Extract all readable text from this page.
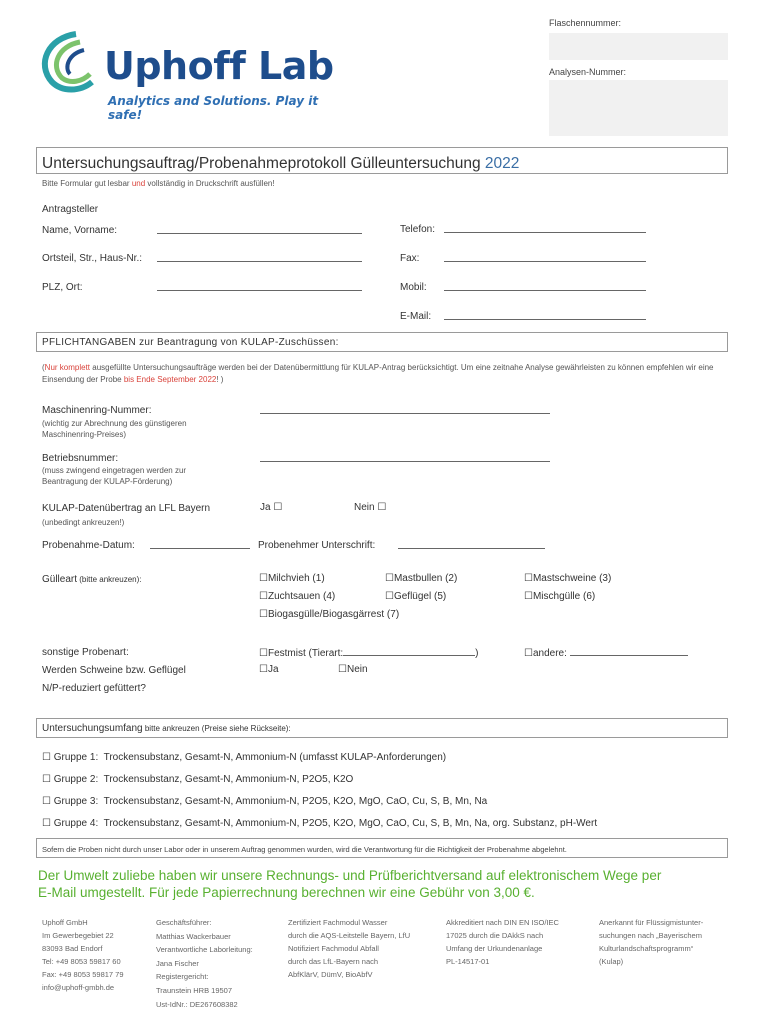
Uphoff Lab
Analytics and Solutions. Play it safe!
Flaschennummer:
Analysen-Nummer:
Untersuchungsauftrag/Probenahmeprotokoll Gülleuntersuchung 2022
Bitte Formular gut lesbar und vollständig in Druckschrift ausfüllen!
Antragsteller
Name, Vorname:
Ortsteil, Str., Haus-Nr.:
PLZ, Ort:
Telefon:
Fax:
Mobil:
E-Mail:
PFLICHTANGABEN zur Beantragung von KULAP-Zuschüssen:
(Nur komplett ausgefüllte Untersuchungsaufträge werden bei der Datenübermittlung für KULAP-Antrag berücksichtigt. Um eine zeitnahe Analyse gewährleisten zu können empfehlen wir eine Einsendung der Probe bis Ende September 2022! )
Maschinenring-Nummer:
(wichtig zur Abrechnung des günstigeren
Maschinenring-Preises)
Betriebsnummer:
(muss zwingend eingetragen werden zur
Beantragung der KULAP-Förderung)
KULAP-Datenübertrag an LFL Bayern
(unbedingt ankreuzen!)
Ja ☐	Nein ☐
Probenahme-Datum:	Probenehmer Unterschrift:
Gülleart (bitte ankreuzen):	☐Milchvieh (1)	☐Mastbullen (2)	☐Mastschweine (3)
☐Zuchtsauen (4)	☐Geflügel (5)	☐Mischgülle (6)
☐Biogasgülle/Biogasgärrest (7)
sonstige Probenart:	☐Festmist (Tierart:	)	☐andere:
Werden Schweine bzw. Geflügel
N/P-reduziert gefüttert?
☐Ja	☐Nein
Untersuchungsumfang bitte ankreuzen (Preise siehe Rückseite):
☐ Gruppe 1:  Trockensubstanz, Gesamt-N, Ammonium-N (umfasst KULAP-Anforderungen)
☐ Gruppe 2:  Trockensubstanz, Gesamt-N, Ammonium-N, P2O5, K2O
☐ Gruppe 3:  Trockensubstanz, Gesamt-N, Ammonium-N, P2O5, K2O, MgO, CaO, Cu, S, B, Mn, Na
☐ Gruppe 4:  Trockensubstanz, Gesamt-N, Ammonium-N, P2O5, K2O, MgO, CaO, Cu, S, B, Mn, Na, org. Substanz, pH-Wert
Sofern die Proben nicht durch unser Labor oder in unserem Auftrag genommen wurden, wird die Verantwortung für die Richtigkeit der Probenahme abgelehnt.
Der Umwelt zuliebe haben wir unsere Rechnungs- und Prüfberichtversand auf elektronischem Wege per
E-Mail umgestellt. Für jede Papierrechnung berechnen wir eine Gebühr von 3,00 €.
Uphoff GmbH
Im Gewerbegebiet 22
83093 Bad Endorf
Tel: +49 8053 59817 60
Fax: +49 8053 59817 79
info@uphoff-gmbh.de
Geschäftsführer:
Matthias Wackerbauer
Verantwortliche Laborleitung:
Jana Fischer
Registergericht:
Traunstein HRB 19507
Ust-IdNr.: DE267608382
Zertifiziert Fachmodul Wasser
durch die AQS-Leitstelle Bayern, LfU
Notifiziert Fachmodul Abfall
durch das LfL-Bayern nach
AbfKlärV, DümV, BioAbfV
Akkreditiert nach DIN EN ISO/IEC
17025 durch die DAkkS nach
Umfang der Urkundenanlage
PL-14517-01
Anerkannt für Flüssigmistunter-
suchungen nach „Bayerischem
Kulturlandschaftsprogramm“
(Kulap)
